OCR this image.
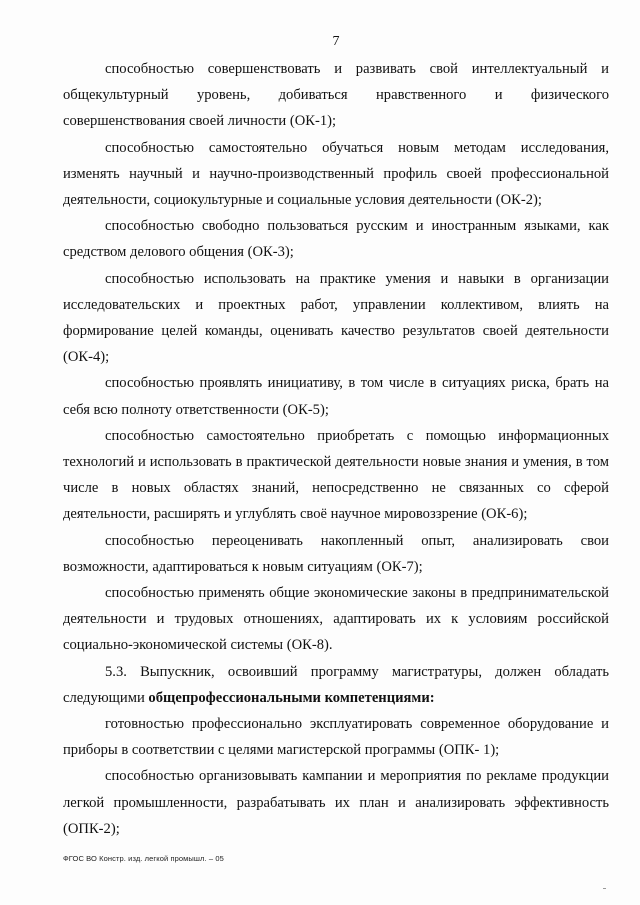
7

способностью совершенствовать и развивать свой интеллектуальный и общекультурный уровень, добиваться нравственного и физического совершенствования своей личности (ОК-1);

способностью самостоятельно обучаться новым методам исследования, изменять научный и научно-производственный профиль своей профессиональной деятельности, социокультурные и социальные условия деятельности (ОК-2);

способностью свободно пользоваться русским и иностранным языками, как средством делового общения (ОК-3);

способностью использовать на практике умения и навыки в организации исследовательских и проектных работ, управлении коллективом, влиять на формирование целей команды, оценивать качество результатов своей деятельности (ОК-4);

способностью проявлять инициативу, в том числе в ситуациях риска, брать на себя всю полноту ответственности (ОК-5);

способностью самостоятельно приобретать с помощью информационных технологий и использовать в практической деятельности новые знания и умения, в том числе в новых областях знаний, непосредственно не связанных со сферой деятельности, расширять и углублять своё научное мировоззрение (ОК-6);

способностью переоценивать накопленный опыт, анализировать свои возможности, адаптироваться к новым ситуациям (ОК-7);

способностью применять общие экономические законы в предпринимательской деятельности и трудовых отношениях, адаптировать их к условиям российской социально-экономической системы (ОК-8).

5.3. Выпускник, освоивший программу магистратуры, должен обладать следующими общепрофессиональными компетенциями:

готовностью профессионально эксплуатировать современное оборудование и приборы в соответствии с целями магистерской программы (ОПК- 1);

способностью организовывать кампании и мероприятия по рекламе продукции легкой промышленности, разрабатывать их план и анализировать эффективность (ОПК-2);

ФГОС ВО Констр. изд. легкой промышл. – 05
